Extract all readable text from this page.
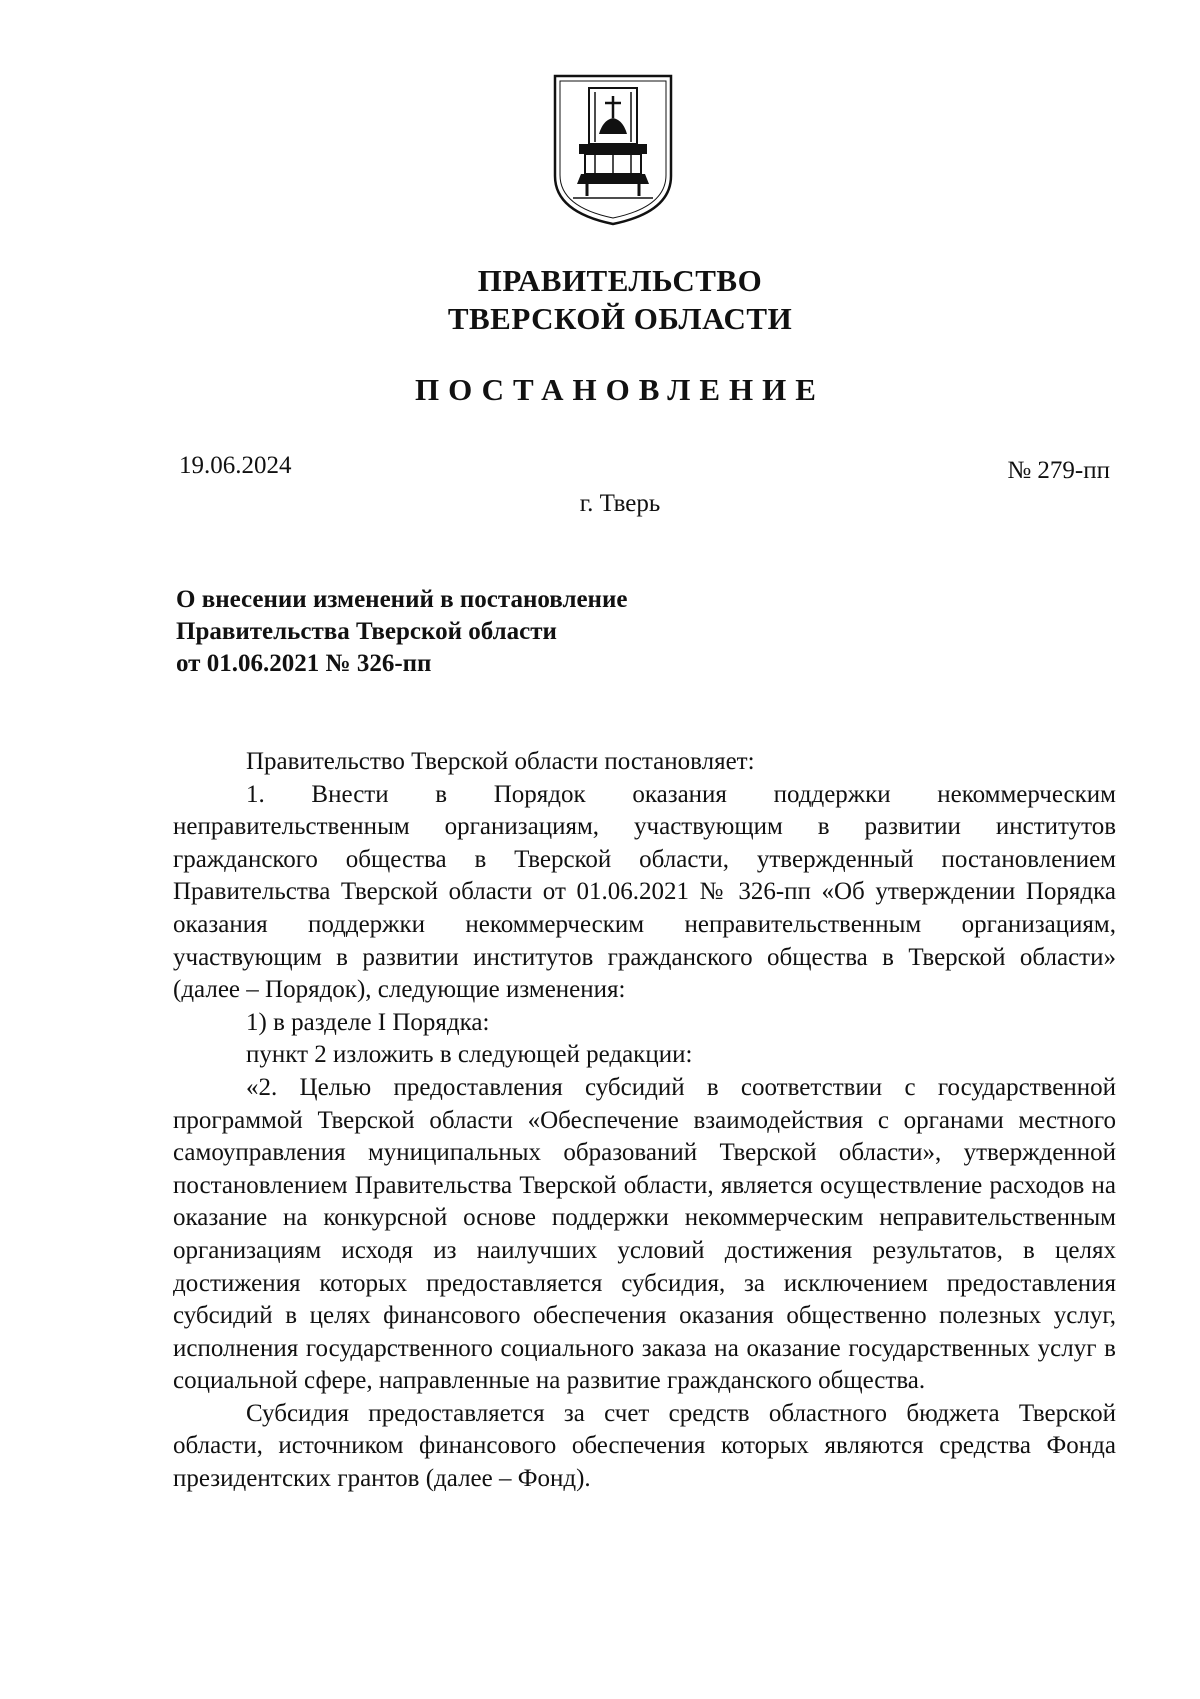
ПРАВИТЕЛЬСТВО
ТВЕРСКОЙ ОБЛАСТИ
ПОСТАНОВЛЕНИЕ
19.06.2024	№ 279-пп
г. Тверь
О внесении изменений в постановление
Правительства Тверской области
от 01.06.2021 № 326-пп

Правительство Тверской области постановляет:

1. Внести в Порядок оказания поддержки некоммерческим неправительственным организациям, участвующим в развитии институтов гражданского общества в Тверской области, утвержденный постановлением Правительства Тверской области от 01.06.2021 № 326-пп «Об утверждении Порядка оказания поддержки некоммерческим неправительственным организациям, участвующим в развитии институтов гражданского общества в Тверской области» (далее – Порядок), следующие изменения:

1) в разделе I Порядка:

пункт 2 изложить в следующей редакции:

«2. Целью предоставления субсидий в соответствии с государственной программой Тверской области «Обеспечение взаимодействия с органами местного самоуправления муниципальных образований Тверской области», утвержденной постановлением Правительства Тверской области, является осуществление расходов на оказание на конкурсной основе поддержки некоммерческим неправительственным организациям исходя из наилучших условий достижения результатов, в целях достижения которых предоставляется субсидия, за исключением предоставления субсидий в целях финансового обеспечения оказания общественно полезных услуг, исполнения государственного социального заказа на оказание государственных услуг в социальной сфере, направленные на развитие гражданского общества.

Субсидия предоставляется за счет средств областного бюджета Тверской области, источником финансового обеспечения которых являются средства Фонда президентских грантов (далее – Фонд).
